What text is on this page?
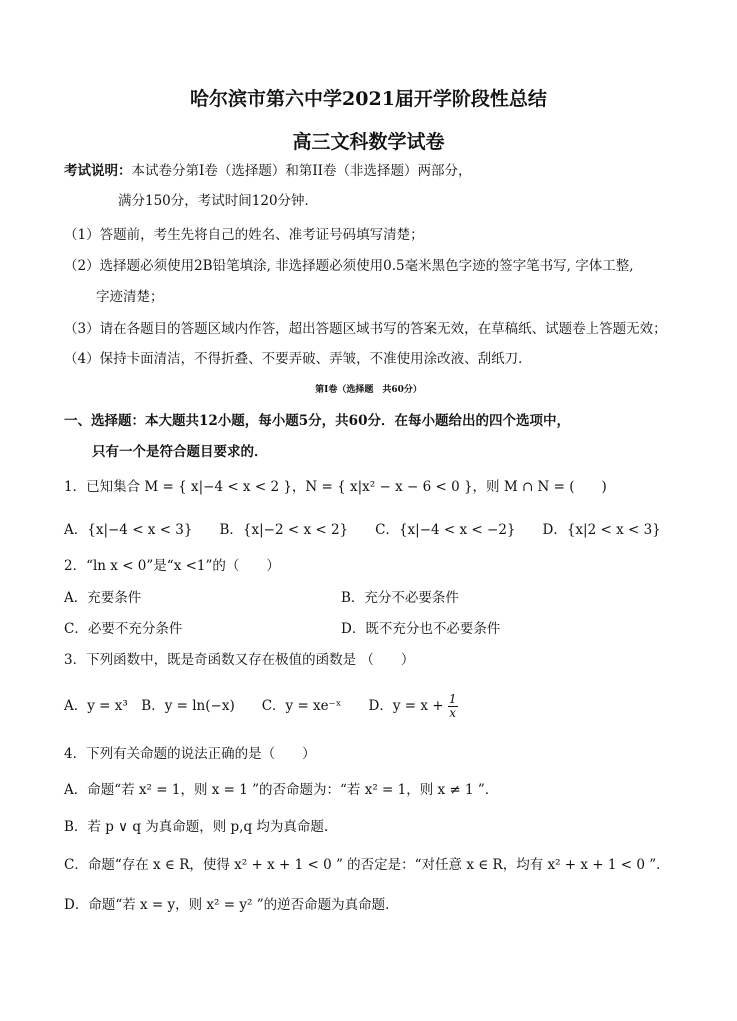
哈尔滨市第六中学2021届开学阶段性总结
高三文科数学试卷
考试说明：本试卷分第I卷（选择题）和第II卷（非选择题）两部分，
满分150分，考试时间120分钟．
（1）答题前，考生先将自己的姓名、准考证号码填写清楚；
（2）选择题必须使用2B铅笔填涂, 非选择题必须使用0.5毫米黑色字迹的签字笔书写, 字体工整,
字迹清楚；
（3）请在各题目的答题区域内作答，超出答题区域书写的答案无效，在草稿纸、试题卷上答题无效；
（4）保持卡面清洁，不得折叠、不要弄破、弄皱，不准使用涂改液、刮纸刀．
第I卷（选择题　共60分）
一、选择题：本大题共12小题，每小题5分，共60分．在每小题给出的四个选项中，
只有一个是符合题目要求的．
1．已知集合 M = { x|−4 < x < 2 }，N = { x|x² − x − 6 < 0 }，则 M ∩ N = (　　)
A．{x|−4 < x < 3}　　B．{x|−2 < x < 2}　　C．{x|−4 < x < −2}　　D．{x|2 < x < 3}
2．“ln x < 0”是“x <1”的（　　）
A．充要条件	B．充分不必要条件
C．必要不充分条件	D．既不充分也不必要条件
3．下列函数中，既是奇函数又存在极值的函数是 （　　）
A．y = x³　B．y = ln(−x)　　C．y = xe⁻ˣ　　D．$y = x + \frac{1}{x}$
4．下列有关命题的说法正确的是（　　）
A．命题“若 x² = 1，则 x = 1 ”的否命题为：“若 x² = 1，则 x ≠ 1 ”．
B．若 p ∨ q 为真命题，则 p,q 均为真命题.
C．命题“存在 x ∈ R，使得 x² + x + 1 < 0 ” 的否定是：“对任意 x ∈ R，均有 x² + x + 1 < 0 ”．
D．命题“若 x = y，则 x² = y² ”的逆否命题为真命题．
